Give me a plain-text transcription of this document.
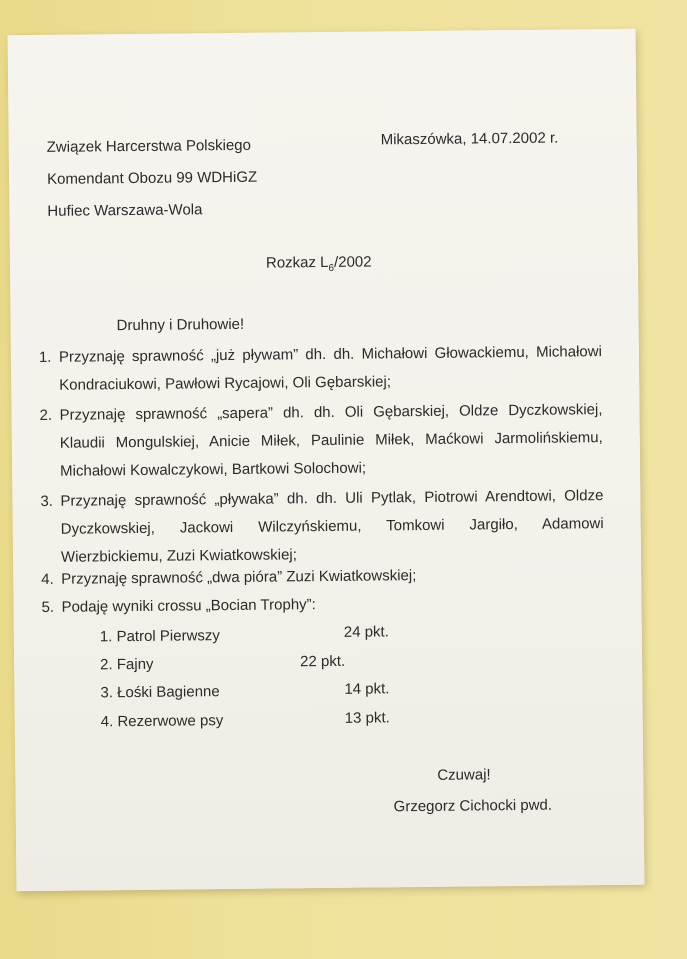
Związek Harcerstwa Polskiego
Komendant Obozu 99 WDHiGZ
Hufiec Warszawa-Wola
Mikaszówka, 14.07.2002 r.
Rozkaz $L_6/2002$
Druhny i Druhowie!
1. Przyznaję sprawność „już pływam” dh. dh. Michałowi Głowackiemu, Michałowi Kondraciukowi, Pawłowi Rycajowi, Oli Gębarskiej;
2. Przyznaję sprawność „sapera” dh. dh. Oli Gębarskiej, Oldze Dyczkowskiej, Klaudii Mongulskiej, Anicie Miłek, Paulinie Miłek, Maćkowi Jarmolińskiemu, Michałowi Kowalczykowi, Bartkowi Solochowi;
3. Przyznaję sprawność „pływaka” dh. dh. Uli Pytlak, Piotrowi Arendtowi, Oldze Dyczkowskiej, Jackowi Wilczyńskiemu, Tomkowi Jargiło, Adamowi Wierzbickiemu, Zuzi Kwiatkowskiej;
4. Przyznaję sprawność „dwa pióra” Zuzi Kwiatkowskiej;
5. Podaję wyniki crossu „Bocian Trophy”:
1. Patrol Pierwszy	24 pkt.
2. Fajny	22 pkt.
3. Łośki Bagienne	14 pkt.
4. Rezerwowe psy	13 pkt.
Czuwaj!
Grzegorz Cichocki pwd.
